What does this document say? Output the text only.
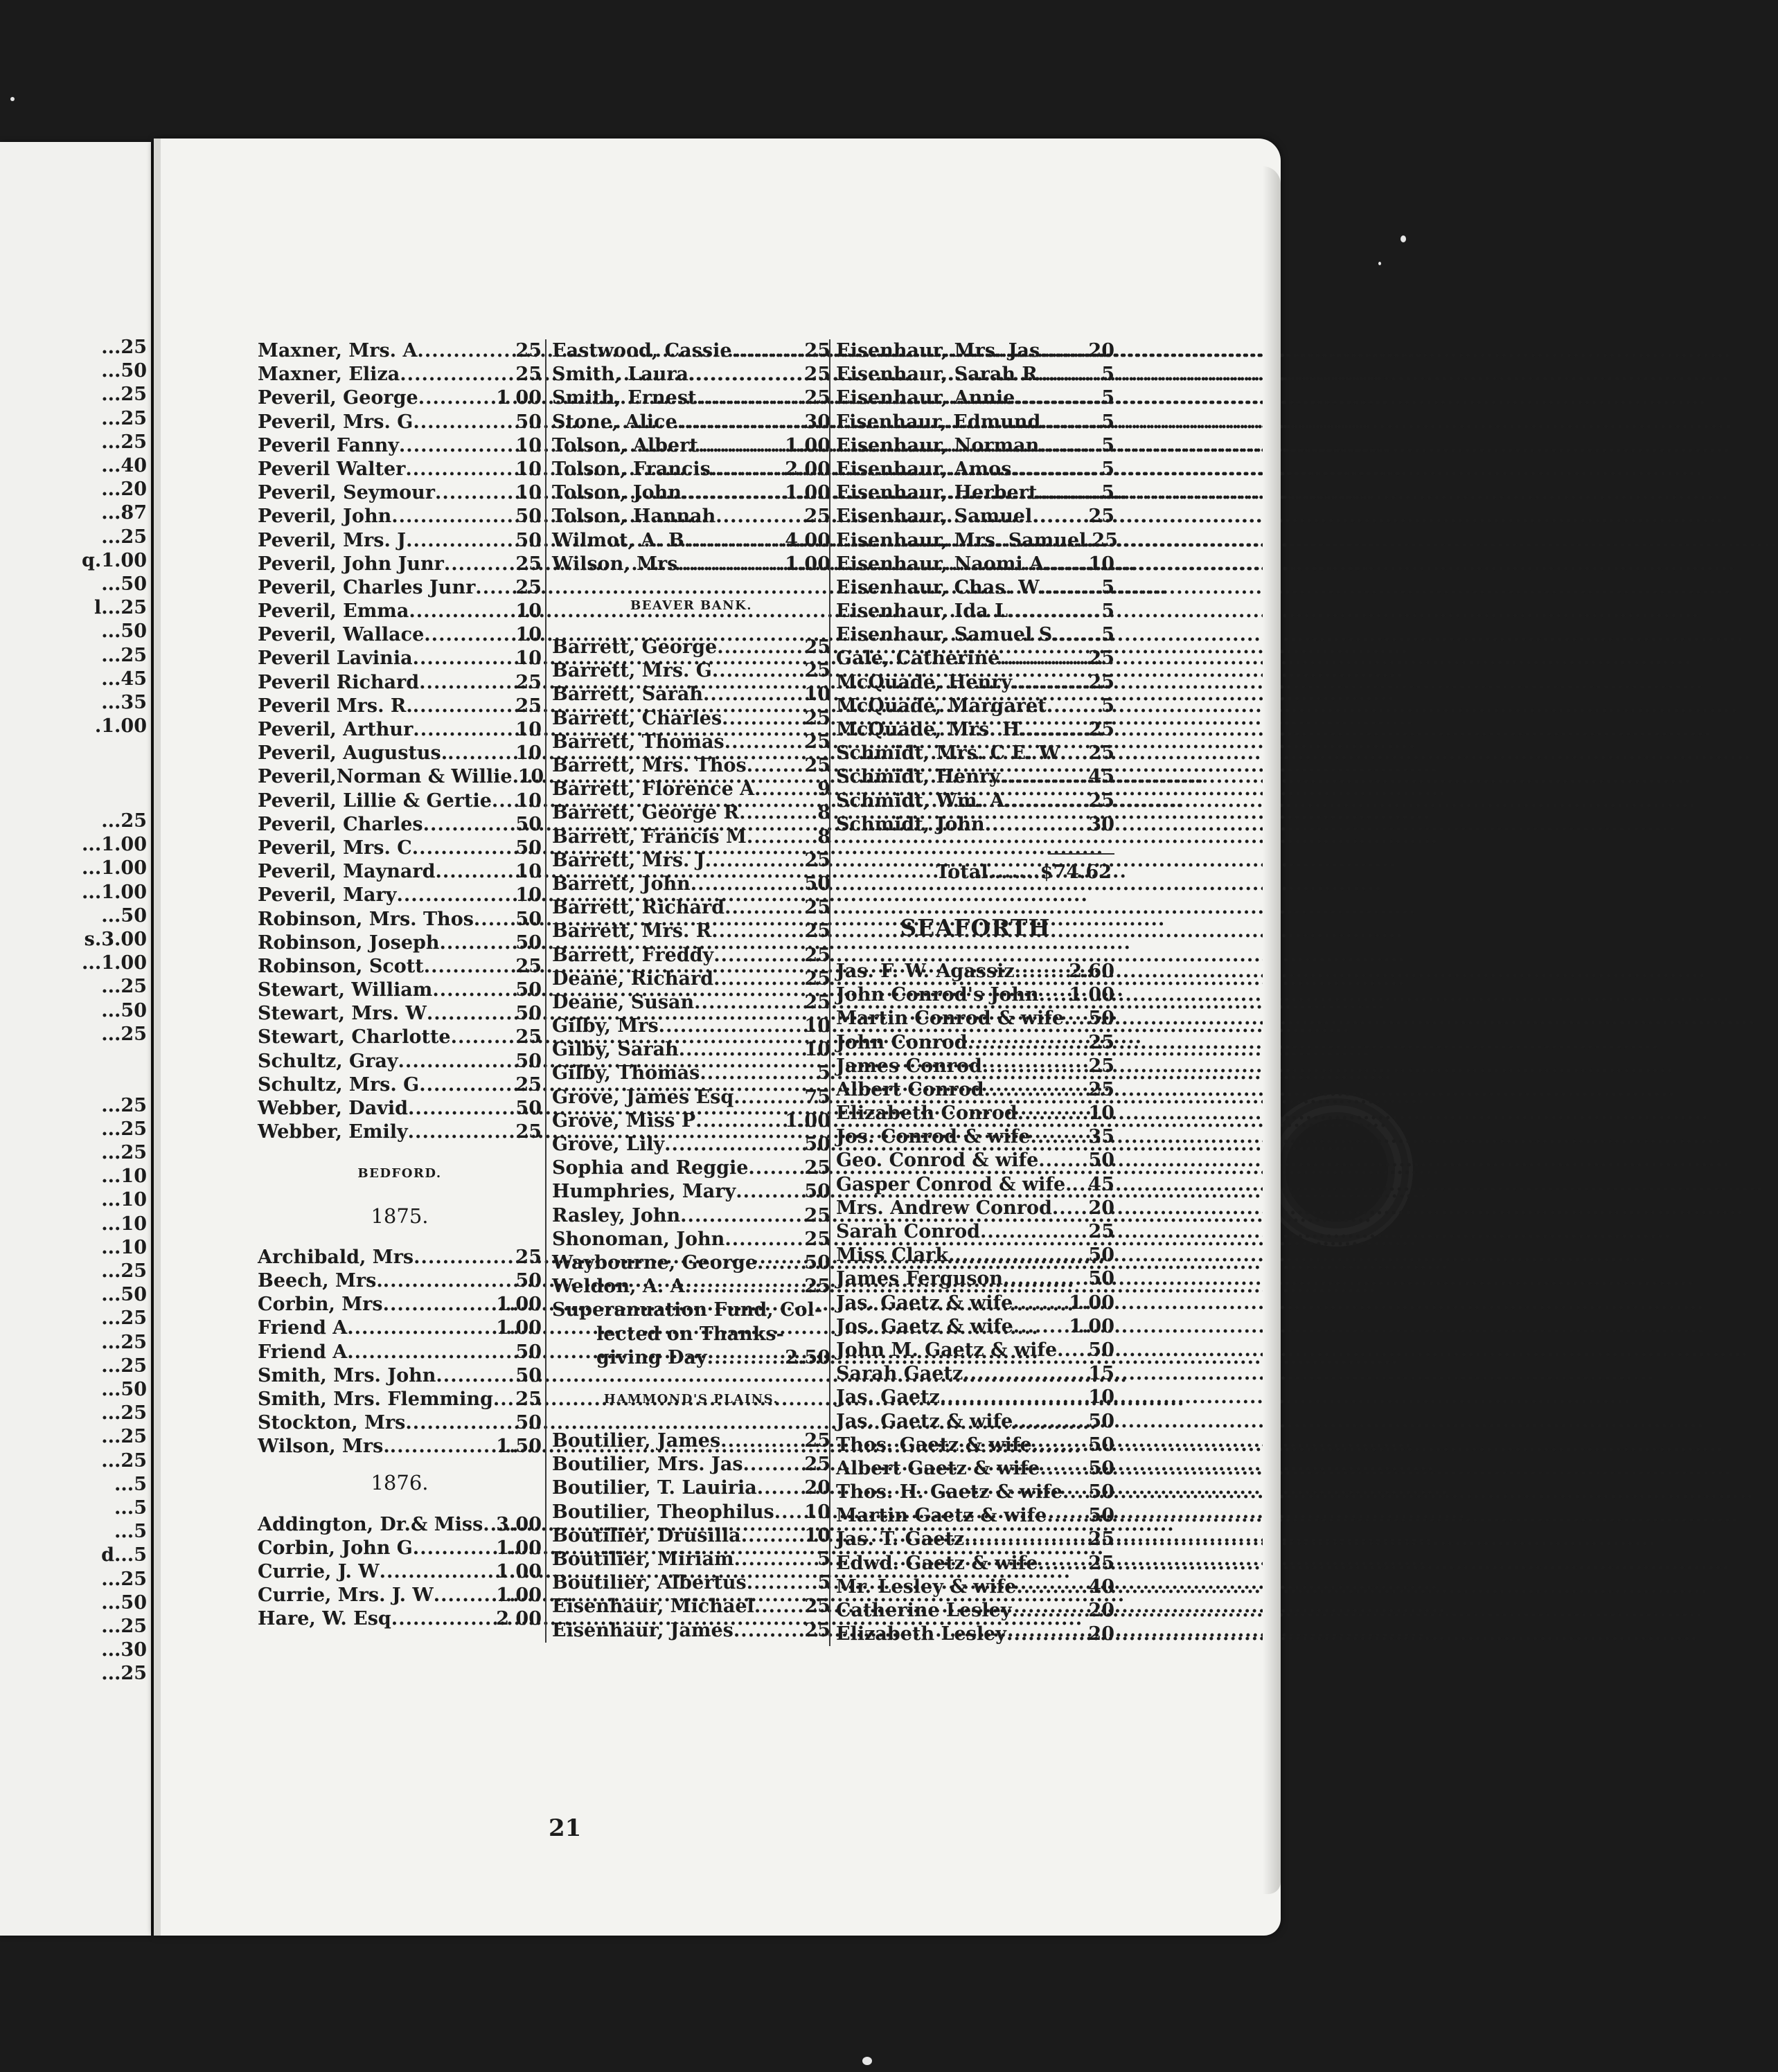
...25
...50
...25
...25
...25
...40
...20
...87
...25
q.1.00
...50
l...25
...50
...25
...45
...35
.1.00

...25
...1.00
...1.00
...1.00
...50
s.3.00
...1.00
...25
...50
...25

...25
...25
...25
...10
...10
...10
...10
...25
...50
...25
...25
...25
...50
...25
...25
...25
...5
...5
...5
d...5
...25
...50
...25
...30
...25
Maxner, Mrs. A .....	25
Maxner, Eliza .....	25
Peveril, George .....	1 00
Peveril, Mrs. G .....	50
Peveril Fanny .....	10
Peveril Walter .....	10
Peveril, Seymour .....	10
Peveril, John .....	50
Peveril, Mrs. J .....	50
Peveril, John Junr .....	25
Peveril, Charles Junr ..... 25
Peveril, Emma .....	10
Peveril, Wallace .....	10
Peveril Lavinia .....	10
Peveril Richard .....	25
Peveril Mrs. R. .....	25
Peveril, Arthur .....	10
Peveril, Augustus. .....	10
Peveril,Norman & Willie ..... 10
Peveril, Lillie & Gertie ..... 10
Peveril, Charles .....	50
Peveril, Mrs. C .....	50
Peveril, Maynard .....	10
Peveril, Mary .....	10
Robinson, Mrs. Thos ..... 50
Robinson, Joseph .....	50
Robinson, Scott .....	25
Stewart, William .....	50
Stewart, Mrs. W .....	50
Stewart, Charlotte .....	25
Schultz, Gray .....	50
Schultz, Mrs. G .....	25
Webber, David .....	50
Webber, Emily .....	25
BEDFORD.
1875.
Archibald, Mrs .....	25
Beech, Mrs. .....	50
Corbin, Mrs .....	1.00
Friend A .....	1.00
Friend A .....	50
Smith, Mrs. John .....	50
Smith, Mrs. Flemming ..... 25
Stockton, Mrs .....	50
Wilson, Mrs. .....	1.50
1876.
Addington, Dr.& Miss ..... 3.00
Corbin, John G .....	1.00
Currie, J. W .....	1.00
Currie, Mrs. J. W .....	1.00
Hare, W. Esq .....	2 00
Eastwood, Cassie .....	25
Smith, Laura .....	25
Smith, Ernest .....	25
Stone, Alice .....	30
Tolson, Albert .....	1.00
Tolson, Francis .....	2.00
Tolson, John .....	1.00
Tolson, Hannah .....	25
Wilmot, A. B .....	4.00
Wilson, Mrs .....	1.00
BEAVER BANK.
Barrett, George .....	25
Barrett, Mrs. G .....	25
Barrett, Sarah .....	10
Barrett, Charles .....	25
Barrett, Thomas .....	25
Barrett, Mrs. Thos .....	25
Barrett, Florence A .....	9
Barrett, George R .....	8
Barrett, Francis M .....	8
Barrett, Mrs. J .....	25
Barrett, John .....	50
Barrett, Richard .....	25
Barrett, Mrs. R .....	25
Barrett, Freddy .....	25
Deane, Richard .....	25
Deane, Susan .....	25
Gilby, Mrs .....	10
Gilby, Sarah .....	10
Gilby, Thomas .....	5
Grove, James Esq .....	75
Grove, Miss P .....	1.00
Grove, Lily .....	50
Sophia and Reggie .....	25
Humphries, Mary .....	50
Rasley, John .....	25
Shonoman, John .....	25
Waybourne, George .....	50
Weldon, A. A .....	25
Superanuation Fund, Col-
lected on Thanks-
giving Day .....	2.50
HAMMOND'S PLAINS.
Boutilier, James .....	25
Boutilier, Mrs. Jas .....	25
Boutilier, T. Lauiria .....	20
Boutilier, Theophilus ..... 10
Boutilier, Drusilla .....	10
Boutilier, Miriam .....	5
Boutilier, Albertus .....	5
Eisenhaur, Michael .....	25
Eisenhaur, James .....	25
Eisenhaur, Mrs. Jas .....	20
Eisenhaur, Sarah R .....	5
Eisenhaur, Annie .....	5
Fisenhaur, Edmund .....	5
Eisenhaur, Norman .....	5
Eisenhaur, Amos .....	5
Eisenhaur, Herbert .....	5
Eisenhaur, Samuel .....	25
Eisenhaur, Mrs. Samuel ..... 25
Eisenhaur, Naomi A ..... 10
Eisenhaur, Chas. W .....	5
Eisenhaur, Ida L .....	5
Eisenhaur, Samuel S .....	5
Gale, Catherine .....	25
McQuade, Henry .....	25
McQuade, Margaret .....	5
McQuade, Mrs. H .....	25
Schmidt, Mrs. C E. W ..... 25
Schmidt, Henry .....	45
Schmidt, Wm. A .....	25
Schmidt, John .....	30
Total ........	$74.62
SEAFORTH
Jas. F. W. Agassiz .....	2.60
John Conrod's John ..... 1.00
Martin Conrod & wife ..... 50
John Conrod .....	25
James Conrod .....	25
Albert Conrod .....	25
Elizabeth Conrod .....	10
Jos. Conrod & wife .....	35
Geo. Conrod & wife .....	50
Gasper Conrod & wife. ..... 45
Mrs. Andrew Conrod ..... 20
Sarah Conrod .....	25
Miss Clark. .....	50
James Ferguson .....	50
Jas. Gaetz & wife .....	1.00
Jos. Gaetz & wife .....	1.00
John M. Gaetz & wife ..... 50
Sarah Gaetz .....	15
Jas. Gaetz .....	10
Jas. Gaetz & wife .....	50
Thos. Gaetz & wife .....	50
Albert Gaetz & wife .....	50
Thos. H. Gaetz & wife ..... 50
Martin Gaetz & wife ..... 50
Jas. T. Gaetz .....	25
Edwd. Gaetz & wife .....	25
Mr. Lesley & wife .....	40
Catherine Lesley .....	20
Elizabeth Lesley .....	20
21
